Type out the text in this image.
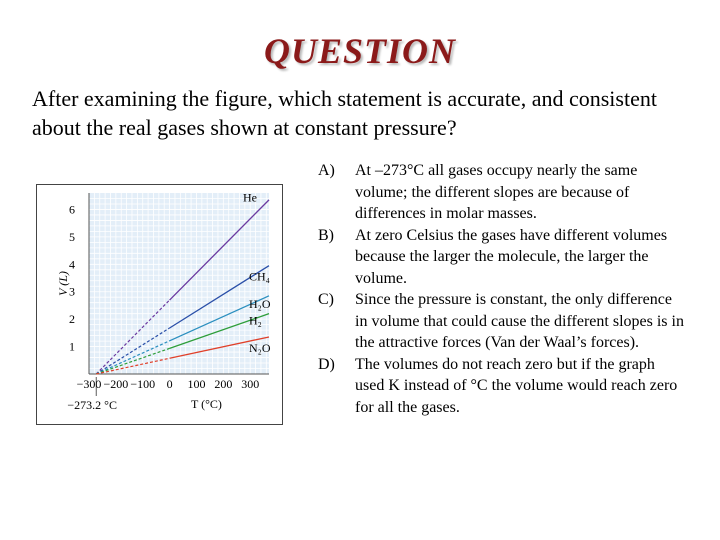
QUESTION
After examining the figure, which statement is accurate, and consistent about the real gases shown at constant pressure?
1
2
3
4
5
6
−300 −200 −100 0 100 200 300
V (L)
T (°C)
−273.2 °C
He
CH₄
H₂O
H₂
N₂O
A)	At –273°C all gases occupy nearly the same volume; the different slopes are because of differences in molar masses.
B)	At zero Celsius the gases have different volumes because the larger the molecule, the larger the volume.
C)	Since the pressure is constant, the only difference in volume that could cause the different slopes is in the attractive forces (Van der Waal’s forces).
D)	The volumes do not reach zero but if the graph used K instead of °C the volume would reach zero for all the gases.
